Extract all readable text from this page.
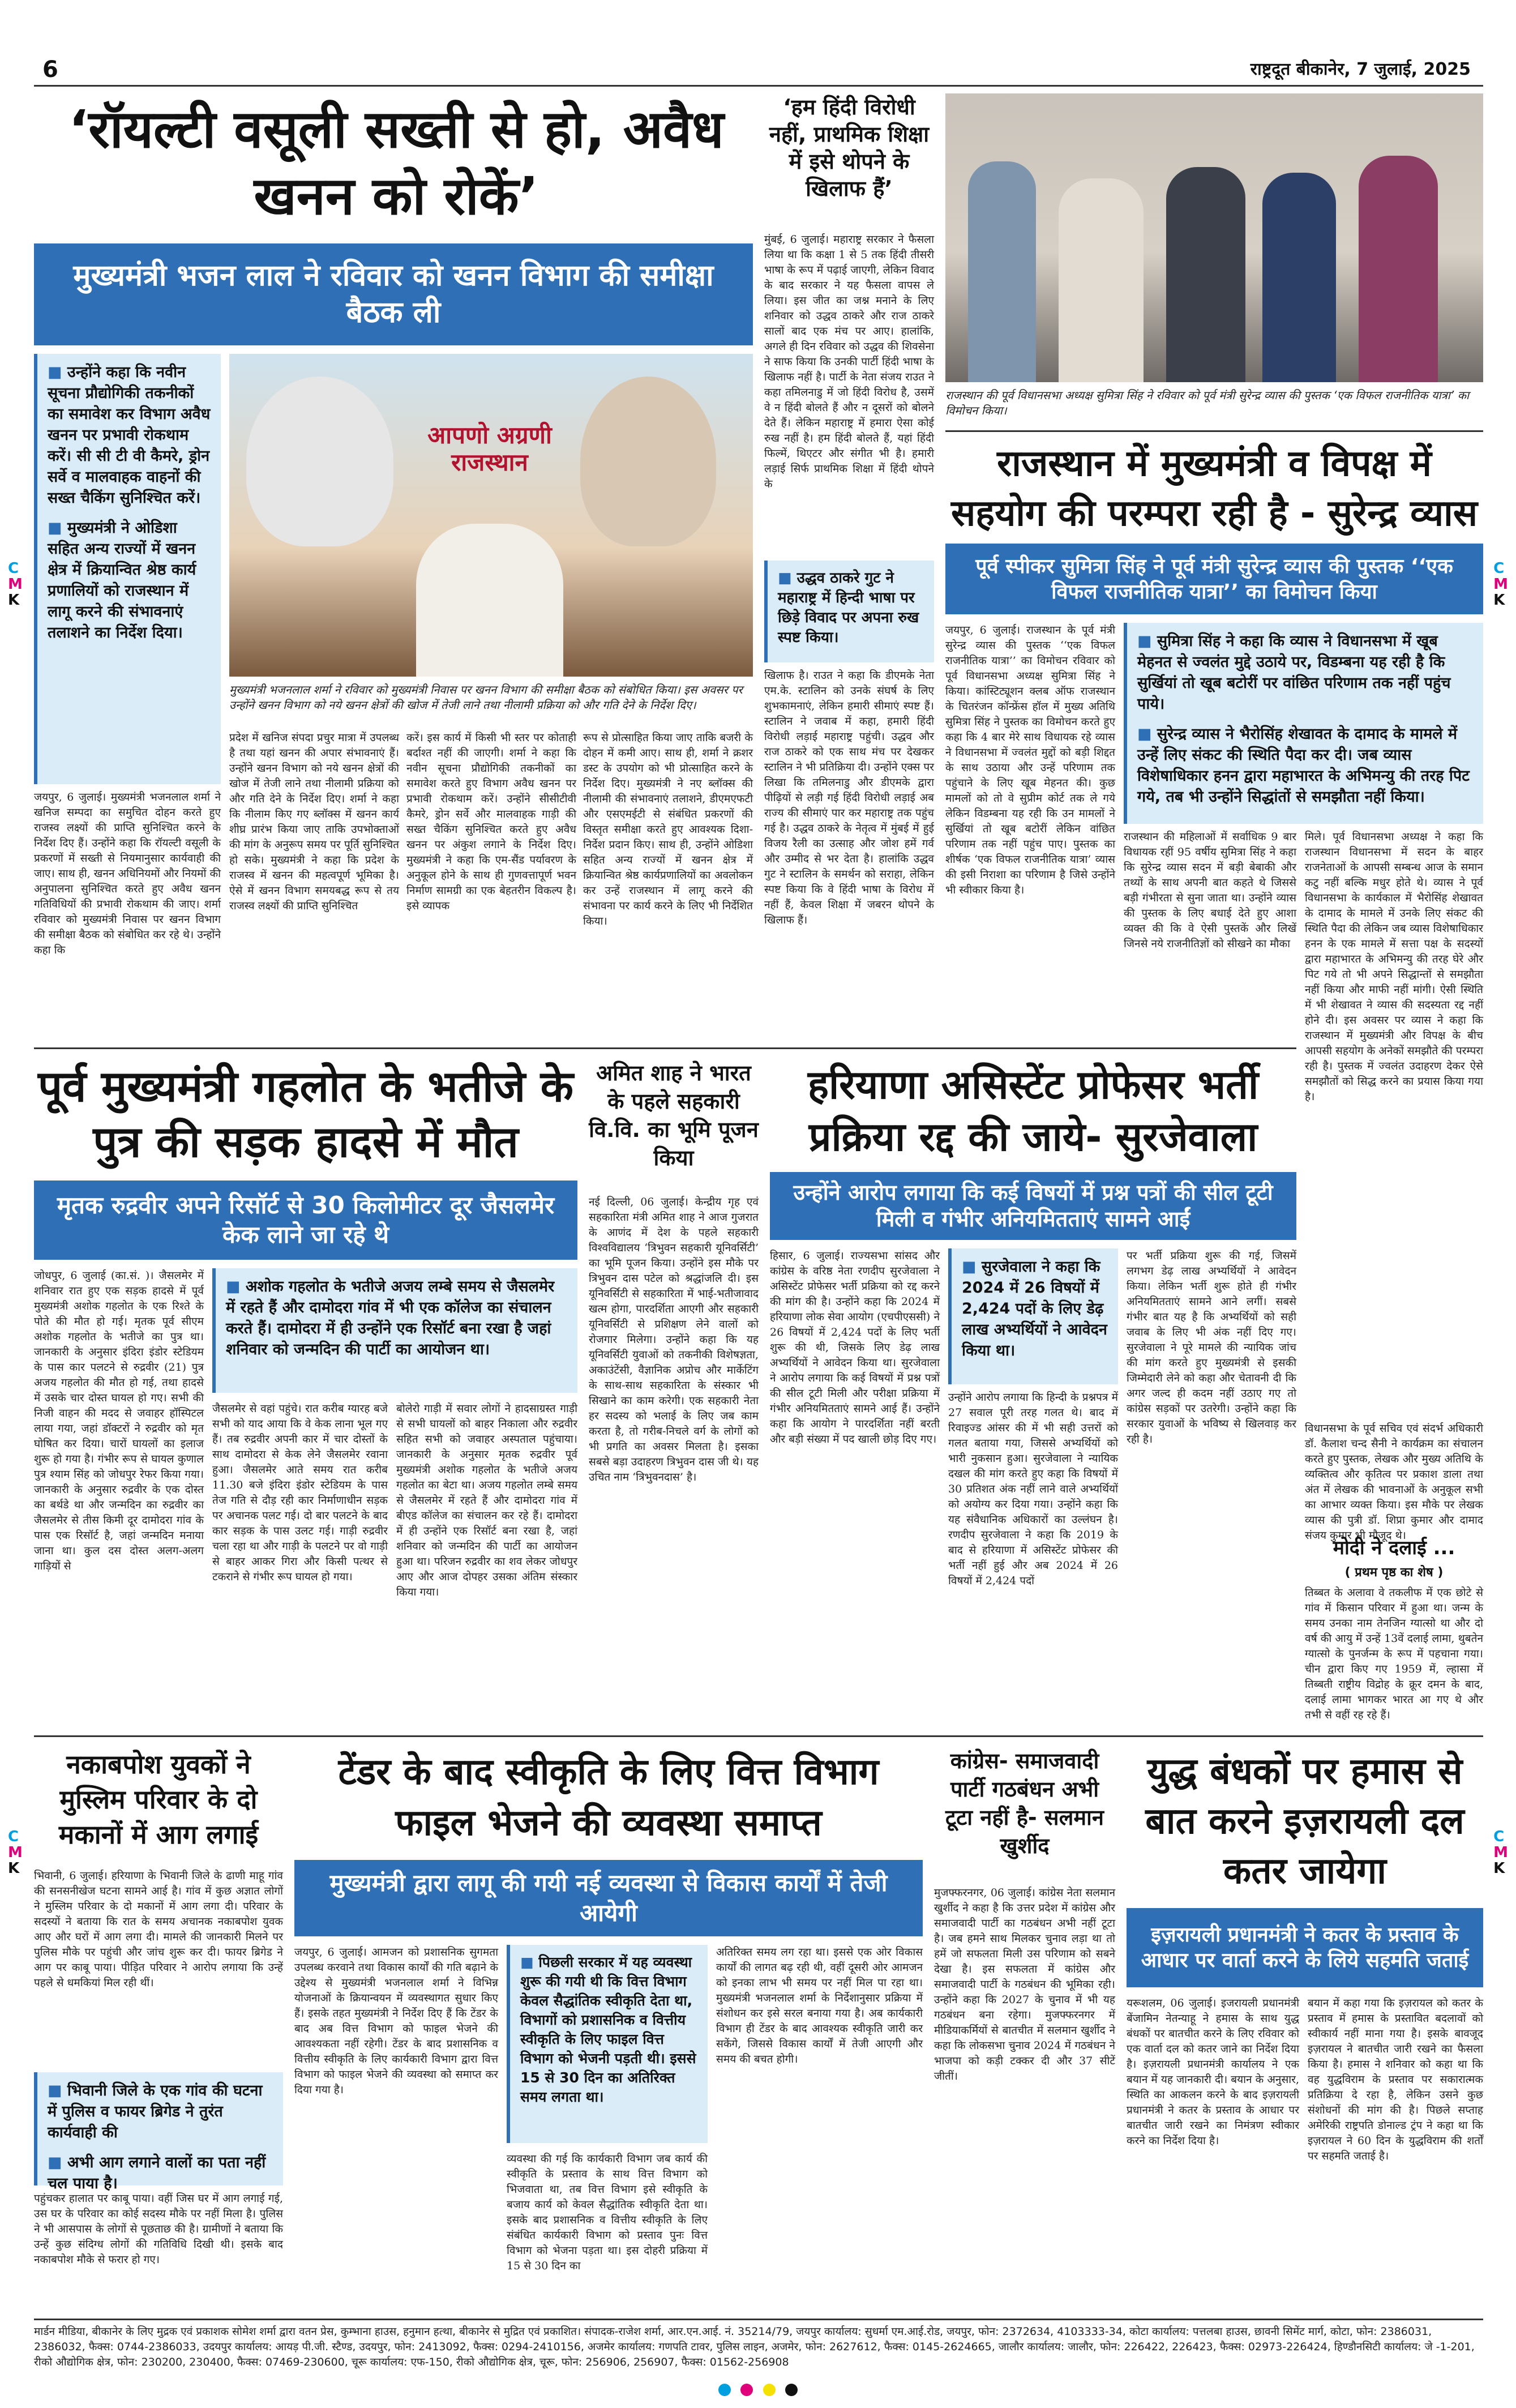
6	राष्ट्रदूत बीकानेर, 7 जुलाई, 2025
C
M
K
C
M
K
C
M
K
C
M
K
‘रॉयल्टी वसूली सख्ती से हो, अवैध खनन को रोकें’
मुख्यमंत्री भजन लाल ने रविवार को खनन विभाग की समीक्षा बैठक ली

■ उन्होंने कहा कि नवीन सूचना प्रौद्योगिकी तकनीकों का समावेश कर विभाग अवैध खनन पर प्रभावी रोकथाम करें। सी सी टी वी कैमरे, ड्रोन सर्वे व मालवाहक वाहनों की सख्त चैकिंग सुनिश्चित करें।

■ मुख्यमंत्री ने ओडिशा सहित अन्य राज्यों में खनन क्षेत्र में क्रियान्वित श्रेष्ठ कार्य प्रणालियों को राजस्थान में लागू करने की संभावनाएं तलाशने का निर्देश दिया।

आपणो अग्रणी राजस्थान
मुख्यमंत्री भजनलाल शर्मा ने रविवार को मुख्यमंत्री निवास पर खनन विभाग की समीक्षा बैठक को संबोधित किया। इस अवसर पर उन्होंने खनन विभाग को नये खनन क्षेत्रों की खोज में तेजी लाने तथा नीलामी प्रक्रिया को और गति देने के निर्देश दिए।
जयपुर, 6 जुलाई। मुख्यमंत्री भजनलाल शर्मा ने खनिज सम्पदा का समुचित दोहन करते हुए राजस्व लक्ष्यों की प्राप्ति सुनिश्चित करने के निर्देश दिए हैं। उन्होंने कहा कि रॉयल्टी वसूली के प्रकरणों में सख्ती से नियमानुसार कार्यवाही की जाए। साथ ही, खनन अधिनियमों और नियमों की अनुपालना सुनिश्चित करते हुए अवैध खनन गतिविधियों की प्रभावी रोकथाम की जाए। शर्मा रविवार को मुख्यमंत्री निवास पर खनन विभाग की समीक्षा बैठक को संबोधित कर रहे थे। उन्होंने कहा कि
प्रदेश में खनिज संपदा प्रचुर मात्रा में उपलब्ध है तथा यहां खनन की अपार संभावनाएं हैं। उन्होंने खनन विभाग को नये खनन क्षेत्रों की खोज में तेजी लाने तथा नीलामी प्रक्रिया को और गति देने के निर्देश दिए। शर्मा ने कहा कि नीलाम किए गए ब्लॉक्स में खनन कार्य शीघ्र प्रारंभ किया जाए ताकि उपभोक्ताओं की मांग के अनुरूप समय पर पूर्ति सुनिश्चित हो सके। मुख्यमंत्री ने कहा कि प्रदेश के राजस्व में खनन की महत्वपूर्ण भूमिका है। ऐसे में खनन विभाग समयबद्ध रूप से तय राजस्व लक्ष्यों की प्राप्ति सुनिश्चित
करें। इस कार्य में किसी भी स्तर पर कोताही बर्दाश्त नहीं की जाएगी। शर्मा ने कहा कि नवीन सूचना प्रौद्योगिकी तकनीकों का समावेश करते हुए विभाग अवैध खनन पर प्रभावी रोकथाम करें। उन्होंने सीसीटीवी कैमरे, ड्रोन सर्वे और मालवाहक गाड़ी की सख्त चैकिंग सुनिश्चित करते हुए अवैध खनन पर अंकुश लगाने के निर्देश दिए। मुख्यमंत्री ने कहा कि एम-सैंड पर्यावरण के अनुकूल होने के साथ ही गुणवत्तापूर्ण भवन निर्माण सामग्री का एक बेहतरीन विकल्प है। इसे व्यापक
रूप से प्रोत्साहित किया जाए ताकि बजरी के दोहन में कमी आए। साथ ही, शर्मा ने क्रशर डस्ट के उपयोग को भी प्रोत्साहित करने के निर्देश दिए। मुख्यमंत्री ने नए ब्लॉक्स की नीलामी की संभावनाएं तलाशने, डीएमएफटी और एसएमईटी से संबंधित प्रकरणों की विस्तृत समीक्षा करते हुए आवश्यक दिशा-निर्देश प्रदान किए। साथ ही, उन्होंने ओडिशा सहित अन्य राज्यों में खनन क्षेत्र में क्रियान्वित श्रेष्ठ कार्यप्रणालियों का अवलोकन कर उन्हें राजस्थान में लागू करने की संभावना पर कार्य करने के लिए भी निर्देशित किया।
‘हम हिंदी विरोधी नहीं, प्राथमिक शिक्षा में इसे थोपने के खिलाफ हैं’
मुंबई, 6 जुलाई। महाराष्ट्र सरकार ने फैसला लिया था कि कक्षा 1 से 5 तक हिंदी तीसरी भाषा के रूप में पढ़ाई जाएगी, लेकिन विवाद के बाद सरकार ने यह फैसला वापस ले लिया। इस जीत का जश्न मनाने के लिए शनिवार को उद्धव ठाकरे और राज ठाकरे सालों बाद एक मंच पर आए। हालांकि, अगले ही दिन रविवार को उद्धव की शिवसेना ने साफ किया कि उनकी पार्टी हिंदी भाषा के खिलाफ नहीं है। पार्टी के नेता संजय राउत ने कहा तमिलनाडु में जो हिंदी विरोध है, उसमें वे न हिंदी बोलते हैं और न दूसरों को बोलने देते हैं। लेकिन महाराष्ट्र में हमारा ऐसा कोई रुख नहीं है। हम हिंदी बोलते हैं, यहां हिंदी फिल्में, थिएटर और संगीत भी है। हमारी लड़ाई सिर्फ प्राथमिक शिक्षा में हिंदी थोपने के

■ उद्धव ठाकरे गुट ने महाराष्ट्र में हिन्दी भाषा पर छिड़े विवाद पर अपना रुख स्पष्ट किया।

खिलाफ है। राउत ने कहा कि डीएमके नेता एम.के. स्टालिन को उनके संघर्ष के लिए शुभकामनाएं, लेकिन हमारी सीमाएं स्पष्ट हैं। स्टालिन ने जवाब में कहा, हमारी हिंदी विरोधी लड़ाई महाराष्ट्र पहुंची। उद्धव और राज ठाकरे को एक साथ मंच पर देखकर स्टालिन ने भी प्रतिक्रिया दी। उन्होंने एक्स पर लिखा कि तमिलनाडु और डीएमके द्वारा पीढ़ियों से लड़ी गई हिंदी विरोधी लड़ाई अब राज्य की सीमाएं पार कर महाराष्ट्र तक पहुंच गई है। उद्धव ठाकरे के नेतृत्व में मुंबई में हुई विजय रैली का उत्साह और जोश हमें गर्व और उम्मीद से भर देता है। हालांकि उद्धव गुट ने स्टालिन के समर्थन को सराहा, लेकिन स्पष्ट किया कि वे हिंदी भाषा के विरोध में नहीं हैं, केवल शिक्षा में जबरन थोपने के खिलाफ हैं।
राजस्थान की पूर्व विधानसभा अध्यक्ष सुमित्रा सिंह ने रविवार को पूर्व मंत्री सुरेन्द्र व्यास की पुस्तक ‘एक विफल राजनीतिक यात्रा’ का विमोचन किया।
राजस्थान में मुख्यमंत्री व विपक्ष में सहयोग की परम्परा रही है - सुरेन्द्र व्यास
पूर्व स्पीकर सुमित्रा सिंह ने पूर्व मंत्री सुरेन्द्र व्यास की पुस्तक ‘‘एक विफल राजनीतिक यात्रा’’ का विमोचन किया
जयपुर, 6 जुलाई। राजस्थान के पूर्व मंत्री सुरेन्द्र व्यास की पुस्तक ‘‘एक विफल राजनीतिक यात्रा’’ का विमोचन रविवार को पूर्व विधानसभा अध्यक्ष सुमित्रा सिंह ने किया। कांस्टिट्यूशन क्लब ऑफ राजस्थान के चितरंजन कॉन्फ्रेंस हॉल में मुख्य अतिथि सुमित्रा सिंह ने पुस्तक का विमोचन करते हुए कहा कि 4 बार मेरे साथ विधायक रहे व्यास ने विधानसभा में ज्वलंत मुद्दों को बड़ी शिद्दत के साथ उठाया और उन्हें परिणाम तक पहुंचाने के लिए खूब मेहनत की। कुछ मामलों को तो वे सुप्रीम कोर्ट तक ले गये लेकिन विडम्बना यह रही कि उन मामलों ने सुर्खियां तो खूब बटोरीं लेकिन वांछित परिणाम तक नहीं पहुंच पाए। पुस्तक का शीर्षक ‘एक विफल राजनीतिक यात्रा’ व्यास की इसी निराशा का परिणाम है जिसे उन्होंने भी स्वीकार किया है।

■ सुमित्रा सिंह ने कहा कि व्यास ने विधानसभा में खूब मेहनत से ज्वलंत मुद्दे उठाये पर, विडम्बना यह रही है कि सुर्खियां तो खूब बटोरीं पर वांछित परिणाम तक नहीं पहुंच पाये।

■ सुरेन्द्र व्यास ने भैरोसिंह शेखावत के दामाद के मामले में उन्हें लिए संकट की स्थिति पैदा कर दी। जब व्यास विशेषाधिकार हनन द्वारा महाभारत के अभिमन्यु की तरह पिट गये, तब भी उन्होंने सिद्धांतों से समझौता नहीं किया।

राजस्थान की महिलाओं में सर्वाधिक 9 बार विधायक रहीं 95 वर्षीय सुमित्रा सिंह ने कहा कि सुरेन्द्र व्यास सदन में बड़ी बेबाकी और तथ्यों के साथ अपनी बात कहते थे जिससे बड़ी गंभीरता से सुना जाता था। उन्होंने व्यास की पुस्तक के लिए बधाई देते हुए आशा व्यक्त की कि वे ऐसी पुस्तकें और लिखें जिनसे नये राजनीतिज्ञों को सीखने का मौका
मिले। पूर्व विधानसभा अध्यक्ष ने कहा कि राजस्थान विधानसभा में सदन के बाहर राजनेताओं के आपसी सम्बन्ध आज के समान कटु नहीं बल्कि मधुर होते थे। व्यास ने पूर्व विधानसभा के कार्यकाल में भैरोसिंह शेखावत के दामाद के मामले में उनके लिए संकट की स्थिति पैदा की लेकिन जब व्यास विशेषाधिकार हनन के एक मामले में सत्ता पक्ष के सदस्यों द्वारा महाभारत के अभिमन्यु की तरह घेरे और पिट गये तो भी अपने सिद्धान्तों से समझौता नहीं किया और माफी नहीं मांगी। ऐसी स्थिति में भी शेखावत ने व्यास की सदस्यता रद्द नहीं होने दी। इस अवसर पर व्यास ने कहा कि राजस्थान में मुख्यमंत्री और विपक्ष के बीच आपसी सहयोग के अनेकों समझौते की परम्परा रही है। पुस्तक में ज्वलंत उदाहरण देकर ऐसे समझौतों को सिद्ध करने का प्रयास किया गया है।
विधानसभा के पूर्व सचिव एवं संदर्भ अधिकारी डॉ. कैलाश चन्द सैनी ने कार्यक्रम का संचालन करते हुए पुस्तक, लेखक और मुख्य अतिथि के व्यक्तित्व और कृतित्व पर प्रकाश डाला तथा अंत में लेखक की भावनाओं के अनुकूल सभी का आभार व्यक्त किया। इस मौके पर लेखक व्यास की पुत्री डॉ. शिप्रा कुमार और दामाद संजय कुमार भी मौजूद थे।
पूर्व मुख्यमंत्री गहलोत के भतीजे के पुत्र की सड़क हादसे में मौत
मृतक रुद्रवीर अपने रिसॉर्ट से 30 किलोमीटर दूर जैसलमेर केक लाने जा रहे थे
जोधपुर, 6 जुलाई (का.सं. )। जैसलमेर में शनिवार रात हुए एक सड़क हादसे में पूर्व मुख्यमंत्री अशोक गहलोत के एक रिश्ते के पोते की मौत हो गई। मृतक पूर्व सीएम अशोक गहलोत के भतीजे का पुत्र था। जानकारी के अनुसार इंदिरा इंडोर स्टेडियम के पास कार पलटने से रुद्रवीर (21) पुत्र अजय गहलोत की मौत हो गई, तथा हादसे में उसके चार दोस्त घायल हो गए। सभी की निजी वाहन की मदद से जवाहर हॉस्पिटल लाया गया, जहां डॉक्टरों ने रुद्रवीर को मृत घोषित कर दिया। चारों घायलों का इलाज शुरू हो गया है। गंभीर रूप से घायल कुणाल पुत्र श्याम सिंह को जोधपुर रेफर किया गया। जानकारी के अनुसार रुद्रवीर के एक दोस्त का बर्थडे था और जन्मदिन का रुद्रवीर का जैसलमेर से तीस किमी दूर दामोदरा गांव के पास एक रिसॉर्ट है, जहां जन्मदिन मनाया जाना था। कुल दस दोस्त अलग-अलग गाड़ियों से

■ अशोक गहलोत के भतीजे अजय लम्बे समय से जैसलमेर में रहते हैं और दामोदरा गांव में भी एक कॉलेज का संचालन करते हैं। दामोदरा में ही उन्होंने एक रिसॉर्ट बना रखा है जहां शनिवार को जन्मदिन की पार्टी का आयोजन था।

जैसलमेर से वहां पहुंचे। रात करीब ग्यारह बजे सभी को याद आया कि वे केक लाना भूल गए हैं। तब रुद्रवीर अपनी कार में चार दोस्तों के साथ दामोदरा से केक लेने जैसलमेर रवाना हुआ। जैसलमेर आते समय रात करीब 11.30 बजे इंदिरा इंडोर स्टेडियम के पास तेज गति से दौड़ रही कार निर्माणाधीन सड़क पर अचानक पलट गई। दो बार पलटने के बाद कार सड़क के पास उलट गई। गाड़ी रुद्रवीर चला रहा था और गाड़ी के पलटने पर वो गाड़ी से बाहर आकर गिरा और किसी पत्थर से टकराने से गंभीर रूप घायल हो गया।
बोलेरो गाड़ी में सवार लोगों ने हादसाग्रस्त गाड़ी से सभी घायलों को बाहर निकाला और रुद्रवीर सहित सभी को जवाहर अस्पताल पहुंचाया। जानकारी के अनुसार मृतक रुद्रवीर पूर्व मुख्यमंत्री अशोक गहलोत के भतीजे अजय गहलोत का बेटा था। अजय गहलोत लम्बे समय से जैसलमेर में रहते हैं और दामोदरा गांव में बीएड कॉलेज का संचालन कर रहे हैं। दामोदरा में ही उन्होंने एक रिसॉर्ट बना रखा है, जहां शनिवार को जन्मदिन की पार्टी का आयोजन हुआ था। परिजन रुद्रवीर का शव लेकर जोधपुर आए और आज दोपहर उसका अंतिम संस्कार किया गया।
अमित शाह ने भारत के पहले सहकारी वि.वि. का भूमि पूजन किया
नई दिल्ली, 06 जुलाई। केन्द्रीय गृह एवं सहकारिता मंत्री अमित शाह ने आज गुजरात के आणंद में देश के पहले सहकारी विश्वविद्यालय ‘त्रिभुवन सहकारी यूनिवर्सिटी’ का भूमि पूजन किया। उन्होंने इस मौके पर त्रिभुवन दास पटेल को श्रद्धांजलि दी। इस यूनिवर्सिटी से सहकारिता में भाई-भतीजावाद खत्म होगा, पारदर्शिता आएगी और सहकारी यूनिवर्सिटी से प्रशिक्षण लेने वालों को रोजगार मिलेगा। उन्होंने कहा कि यह यूनिवर्सिटी युवाओं को तकनीकी विशेषज्ञता, अकाउंटेंसी, वैज्ञानिक अप्रोच और मार्केटिंग के साथ-साथ सहकारिता के संस्कार भी सिखाने का काम करेगी। एक सहकारी नेता हर सदस्य को भलाई के लिए जब काम करता है, तो गरीब-निचले वर्ग के लोगों को भी प्रगति का अवसर मिलता है। इसका सबसे बड़ा उदाहरण त्रिभुवन दास जी थे। यह उचित नाम ‘त्रिभुवनदास’ है।
हरियाणा असिस्टेंट प्रोफेसर भर्ती प्रक्रिया रद्द की जाये- सुरजेवाला
उन्होंने आरोप लगाया कि कई विषयों में प्रश्न पत्रों की सील टूटी मिली व गंभीर अनियमितताएं सामने आईं
हिसार, 6 जुलाई। राज्यसभा सांसद और कांग्रेस के वरिष्ठ नेता रणदीप सुरजेवाला ने असिस्टेंट प्रोफेसर भर्ती प्रक्रिया को रद्द करने की मांग की है। उन्होंने कहा कि 2024 में हरियाणा लोक सेवा आयोग (एचपीएससी) ने 26 विषयों में 2,424 पदों के लिए भर्ती शुरू की थी, जिसके लिए डेढ़ लाख अभ्यर्थियों ने आवेदन किया था। सुरजेवाला ने आरोप लगाया कि कई विषयों में प्रश्न पत्रों की सील टूटी मिली और परीक्षा प्रक्रिया में गंभीर अनियमितताएं सामने आई हैं। उन्होंने कहा कि आयोग ने पारदर्शिता नहीं बरती और बड़ी संख्या में पद खाली छोड़ दिए गए।

■ सुरजेवाला ने कहा कि 2024 में 26 विषयों में 2,424 पदों के लिए डेढ़ लाख अभ्यर्थियों ने आवेदन किया था।

उन्होंने आरोप लगाया कि हिन्दी के प्रश्नपत्र में 27 सवाल पूरी तरह गलत थे। बाद में रिवाइज्ड आंसर की में भी सही उत्तरों को गलत बताया गया, जिससे अभ्यर्थियों को भारी नुकसान हुआ। सुरजेवाला ने न्यायिक दखल की मांग करते हुए कहा कि विषयों में 30 प्रतिशत अंक नहीं लाने वाले अभ्यर्थियों को अयोग्य कर दिया गया। उन्होंने कहा कि यह संवैधानिक अधिकारों का उल्लंघन है। रणदीप सुरजेवाला ने कहा कि 2019 के बाद से हरियाणा में असिस्टेंट प्रोफेसर की भर्ती नहीं हुई और अब 2024 में 26 विषयों में 2,424 पदों
पर भर्ती प्रक्रिया शुरू की गई, जिसमें लगभग डेढ़ लाख अभ्यर्थियों ने आवेदन किया। लेकिन भर्ती शुरू होते ही गंभीर अनियमितताएं सामने आने लगीं। सबसे गंभीर बात यह है कि अभ्यर्थियों को सही जवाब के लिए भी अंक नहीं दिए गए। सुरजेवाला ने पूरे मामले की न्यायिक जांच की मांग करते हुए मुख्यमंत्री से इसकी जिम्मेदारी लेने को कहा और चेतावनी दी कि अगर जल्द ही कदम नहीं उठाए गए तो कांग्रेस सड़कों पर उतरेगी। उन्होंने कहा कि सरकार युवाओं के भविष्य से खिलवाड़ कर रही है।
मोदी ने दलाई ...
( प्रथम पृष्ठ का शेष )
तिब्बत के अलावा वे तकलीफ में एक छोटे से गांव में किसान परिवार में हुआ था। जन्म के समय उनका नाम तेनजिन ग्यात्सो था और दो वर्ष की आयु में उन्हें 13वें दलाई लामा, थुबतेन ग्यात्सो के पुनर्जन्म के रूप में पहचाना गया। चीन द्वारा किए गए 1959 में, ल्हासा में तिब्बती राष्ट्रीय विद्रोह के क्रूर दमन के बाद, दलाई लामा भागकर भारत आ गए थे और तभी से वहीं रह रहे हैं।
नकाबपोश युवकों ने मुस्लिम परिवार के दो मकानों में आग लगाई
भिवानी, 6 जुलाई। हरियाणा के भिवानी जिले के ढाणी माहू गांव की सनसनीखेज घटना सामने आई है। गांव में कुछ अज्ञात लोगों ने मुस्लिम परिवार के दो मकानों में आग लगा दी। परिवार के सदस्यों ने बताया कि रात के समय अचानक नकाबपोश युवक आए और घरों में आग लगा दी। मामले की जानकारी मिलने पर पुलिस मौके पर पहुंची और जांच शुरू कर दी। फायर ब्रिगेड ने आग पर काबू पाया। पीड़ित परिवार ने आरोप लगाया कि उन्हें पहले से धमकियां मिल रही थीं।

■ भिवानी जिले के एक गांव की घटना में पुलिस व फायर ब्रिगेड ने तुरंत कार्यवाही की

■ अभी आग लगाने वालों का पता नहीं चल पाया है।

पहुंचकर हालात पर काबू पाया। वहीं जिस घर में आग लगाई गई, उस घर के परिवार का कोई सदस्य मौके पर नहीं मिला है। पुलिस ने भी आसपास के लोगों से पूछताछ की है। ग्रामीणों ने बताया कि उन्हें कुछ संदिग्ध लोगों की गतिविधि दिखी थी। इसके बाद नकाबपोश मौके से फरार हो गए।
टेंडर के बाद स्वीकृति के लिए वित्त विभाग फाइल भेजने की व्यवस्था समाप्त
मुख्यमंत्री द्वारा लागू की गयी नई व्यवस्था से विकास कार्यों में तेजी आयेगी
जयपुर, 6 जुलाई। आमजन को प्रशासनिक सुगमता उपलब्ध करवाने तथा विकास कार्यों की गति बढ़ाने के उद्देश्य से मुख्यमंत्री भजनलाल शर्मा ने विभिन्न योजनाओं के क्रियान्वयन में व्यवस्थागत सुधार किए हैं। इसके तहत मुख्यमंत्री ने निर्देश दिए हैं कि टेंडर के बाद अब वित्त विभाग को फाइल भेजने की आवश्यकता नहीं रहेगी। टेंडर के बाद प्रशासनिक व वित्तीय स्वीकृति के लिए कार्यकारी विभाग द्वारा वित्त विभाग को फाइल भेजने की व्यवस्था को समाप्त कर दिया गया है।

■ पिछली सरकार में यह व्यवस्था शुरू की गयी थी कि वित्त विभाग केवल सैद्धांतिक स्वीकृति देता था, विभागों को प्रशासनिक व वित्तीय स्वीकृति के लिए फाइल वित्त विभाग को भेजनी पड़ती थी। इससे 15 से 30 दिन का अतिरिक्त समय लगता था।

व्यवस्था की गई कि कार्यकारी विभाग जब कार्य की स्वीकृति के प्रस्ताव के साथ वित्त विभाग को भिजवाता था, तब वित्त विभाग इसे स्वीकृति के बजाय कार्य को केवल सैद्धांतिक स्वीकृति देता था। इसके बाद प्रशासनिक व वित्तीय स्वीकृति के लिए संबंधित कार्यकारी विभाग को प्रस्ताव पुनः वित्त विभाग को भेजना पड़ता था। इस दोहरी प्रक्रिया में 15 से 30 दिन का
अतिरिक्त समय लग रहा था। इससे एक ओर विकास कार्यों की लागत बढ़ रही थी, वहीं दूसरी ओर आमजन को इनका लाभ भी समय पर नहीं मिल पा रहा था। मुख्यमंत्री भजनलाल शर्मा के निर्देशानुसार प्रक्रिया में संशोधन कर इसे सरल बनाया गया है। अब कार्यकारी विभाग ही टेंडर के बाद आवश्यक स्वीकृति जारी कर सकेंगे, जिससे विकास कार्यों में तेजी आएगी और समय की बचत होगी।
कांग्रेस- समाजवादी पार्टी गठबंधन अभी टूटा नहीं है- सलमान खुर्शीद
मुजफ्फरनगर, 06 जुलाई। कांग्रेस नेता सलमान खुर्शीद ने कहा है कि उत्तर प्रदेश में कांग्रेस और समाजवादी पार्टी का गठबंधन अभी नहीं टूटा है। जब हमने साथ मिलकर चुनाव लड़ा था तो हमें जो सफलता मिली उस परिणाम को सबने देखा है। इस सफलता में कांग्रेस और समाजवादी पार्टी के गठबंधन की भूमिका रही। उन्होंने कहा कि 2027 के चुनाव में भी यह गठबंधन बना रहेगा। मुजफ्फरनगर में मीडियाकर्मियों से बातचीत में सलमान खुर्शीद ने कहा कि लोकसभा चुनाव 2024 में गठबंधन ने भाजपा को कड़ी टक्कर दी और 37 सीटें जीतीं।
युद्ध बंधकों पर हमास से बात करने इज़रायली दल कतर जायेगा
इज़रायली प्रधानमंत्री ने कतर के प्रस्ताव के आधार पर वार्ता करने के लिये सहमति जताई
यरूशलम, 06 जुलाई। इजरायली प्रधानमंत्री बेंजामिन नेतन्याहू ने हमास के साथ युद्ध बंधकों पर बातचीत करने के लिए रविवार को एक वार्ता दल को कतर जाने का निर्देश दिया है। इज़रायली प्रधानमंत्री कार्यालय ने एक बयान में यह जानकारी दी। बयान के अनुसार, स्थिति का आकलन करने के बाद इज़रायली प्रधानमंत्री ने कतर के प्रस्ताव के आधार पर बातचीत जारी रखने का निमंत्रण स्वीकार करने का निर्देश दिया है।
बयान में कहा गया कि इज़रायल को कतर के प्रस्ताव में हमास के प्रस्तावित बदलावों को स्वीकार्य नहीं माना गया है। इसके बावजूद इज़रायल ने बातचीत जारी रखने का फैसला किया है। हमास ने शनिवार को कहा था कि वह युद्धविराम के प्रस्ताव पर सकारात्मक प्रतिक्रिया दे रहा है, लेकिन उसने कुछ संशोधनों की मांग की है। पिछले सप्ताह अमेरिकी राष्ट्रपति डोनाल्ड ट्रंप ने कहा था कि इज़रायल ने 60 दिन के युद्धविराम की शर्तों पर सहमति जताई है।
मार्डन मीडिया, बीकानेर के लिए मुद्रक एवं प्रकाशक सोमेश शर्मा द्वारा वतन प्रेस, कुम्भाना हाउस, हनुमान हत्था, बीकानेर से मुद्रित एवं प्रकाशित। संपादक-राजेश शर्मा, आर.एन.आई. नं. 35214/79, जयपुर कार्यालय: सुधर्मा एम.आई.रोड, जयपुर, फोन: 2372634, 4103333-34, कोटा कार्यालय: पत्तलबा हाउस, छावनी सिमेंट मार्ग, कोटा, फोन: 2386031, 2386032, फैक्स: 0744-2386033, उदयपुर कार्यालय: आयड़ पी.जी. स्टैण्ड, उदयपुर, फोन: 2413092, फैक्स: 0294-2410156, अजमेर कार्यालय: गणपति टावर, पुलिस लाइन, अजमेर, फोन: 2627612, फैक्स: 0145-2624665, जालौर कार्यालय: जालौर, फोन: 226422, 226423, फैक्स: 02973-226424, हिण्डौनसिटी कार्यालय: जे -1-201, रीको औद्योगिक क्षेत्र, फोन: 230200, 230400, फैक्स: 07469-230600, चूरू कार्यालय: एफ-150, रीको औद्योगिक क्षेत्र, चूरू, फोन: 256906, 256907, फैक्स: 01562-256908
